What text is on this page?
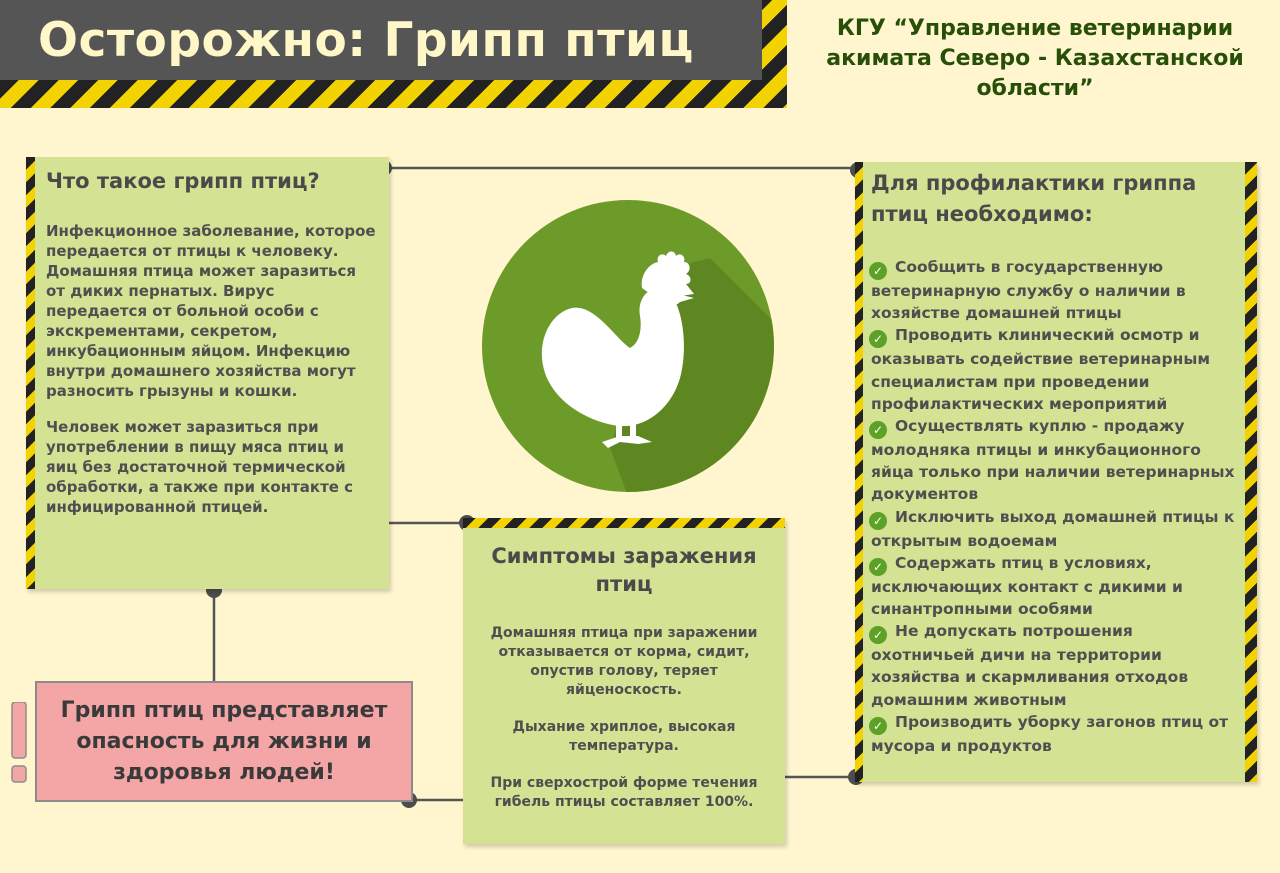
Осторожно: Грипп птиц	КГУ “Управление ветеринарии акимата Северо - Казахстанской области”
Что такое грипп птиц?

Инфекционное заболевание, которое передается от птицы к человеку. Домашняя птица может заразиться от диких пернатых. Вирус передается от больной особи с экскрементами, секретом, инкубационным яйцом. Инфекцию внутри домашнего хозяйства могут разносить грызуны и кошки.

Человек может заразиться при употреблении в пищу мяса птиц и яиц без достаточной термической обработки, а также при контакте с инфицированной птицей.

Симптомы заражения птиц

Домашняя птица при заражении отказывается от корма, сидит, опустив голову, теряет яйценоскость.

Дыхание хриплое, высокая температура.

При сверхострой форме течения гибель птицы составляет 100%.

Для профилактики гриппа птиц необходимо:
✓ Сообщить в государственную ветеринарную службу о наличии в хозяйстве домашней птицы
✓ Проводить клинический осмотр и оказывать содействие ветеринарным специалистам при проведении профилактических мероприятий
✓ Осуществлять куплю - продажу молодняка птицы и инкубационного яйца только при наличии ветеринарных документов
✓ Исключить выход домашней птицы к открытым водоемам
✓ Содержать птиц в условиях, исключающих контакт с дикими и синантропными особями
✓ Не допускать потрошения охотничьей дичи на территории хозяйства и скармливания отходов домашним животным
✓ Производить уборку загонов птиц от мусора и продуктов
Грипп птиц представляет опасность для жизни и здоровья людей!
